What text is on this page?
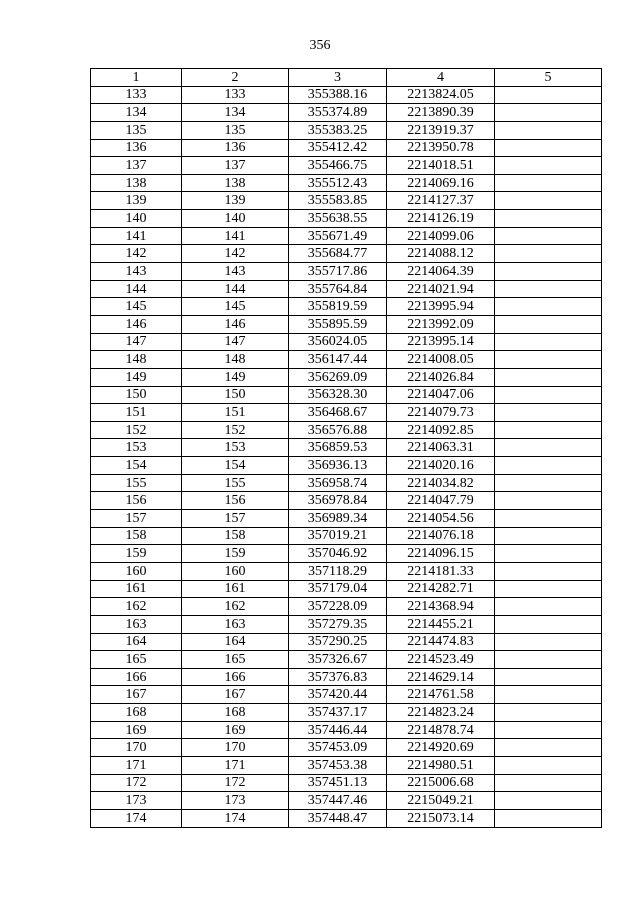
356
1	2	3	4	5
133	133	355388.16	2213824.05	
134	134	355374.89	2213890.39	
135	135	355383.25	2213919.37	
136	136	355412.42	2213950.78	
137	137	355466.75	2214018.51	
138	138	355512.43	2214069.16	
139	139	355583.85	2214127.37	
140	140	355638.55	2214126.19	
141	141	355671.49	2214099.06	
142	142	355684.77	2214088.12	
143	143	355717.86	2214064.39	
144	144	355764.84	2214021.94	
145	145	355819.59	2213995.94	
146	146	355895.59	2213992.09	
147	147	356024.05	2213995.14	
148	148	356147.44	2214008.05	
149	149	356269.09	2214026.84	
150	150	356328.30	2214047.06	
151	151	356468.67	2214079.73	
152	152	356576.88	2214092.85	
153	153	356859.53	2214063.31	
154	154	356936.13	2214020.16	
155	155	356958.74	2214034.82	
156	156	356978.84	2214047.79	
157	157	356989.34	2214054.56	
158	158	357019.21	2214076.18	
159	159	357046.92	2214096.15	
160	160	357118.29	2214181.33	
161	161	357179.04	2214282.71	
162	162	357228.09	2214368.94	
163	163	357279.35	2214455.21	
164	164	357290.25	2214474.83	
165	165	357326.67	2214523.49	
166	166	357376.83	2214629.14	
167	167	357420.44	2214761.58	
168	168	357437.17	2214823.24	
169	169	357446.44	2214878.74	
170	170	357453.09	2214920.69	
171	171	357453.38	2214980.51	
172	172	357451.13	2215006.68	
173	173	357447.46	2215049.21	
174	174	357448.47	2215073.14	
